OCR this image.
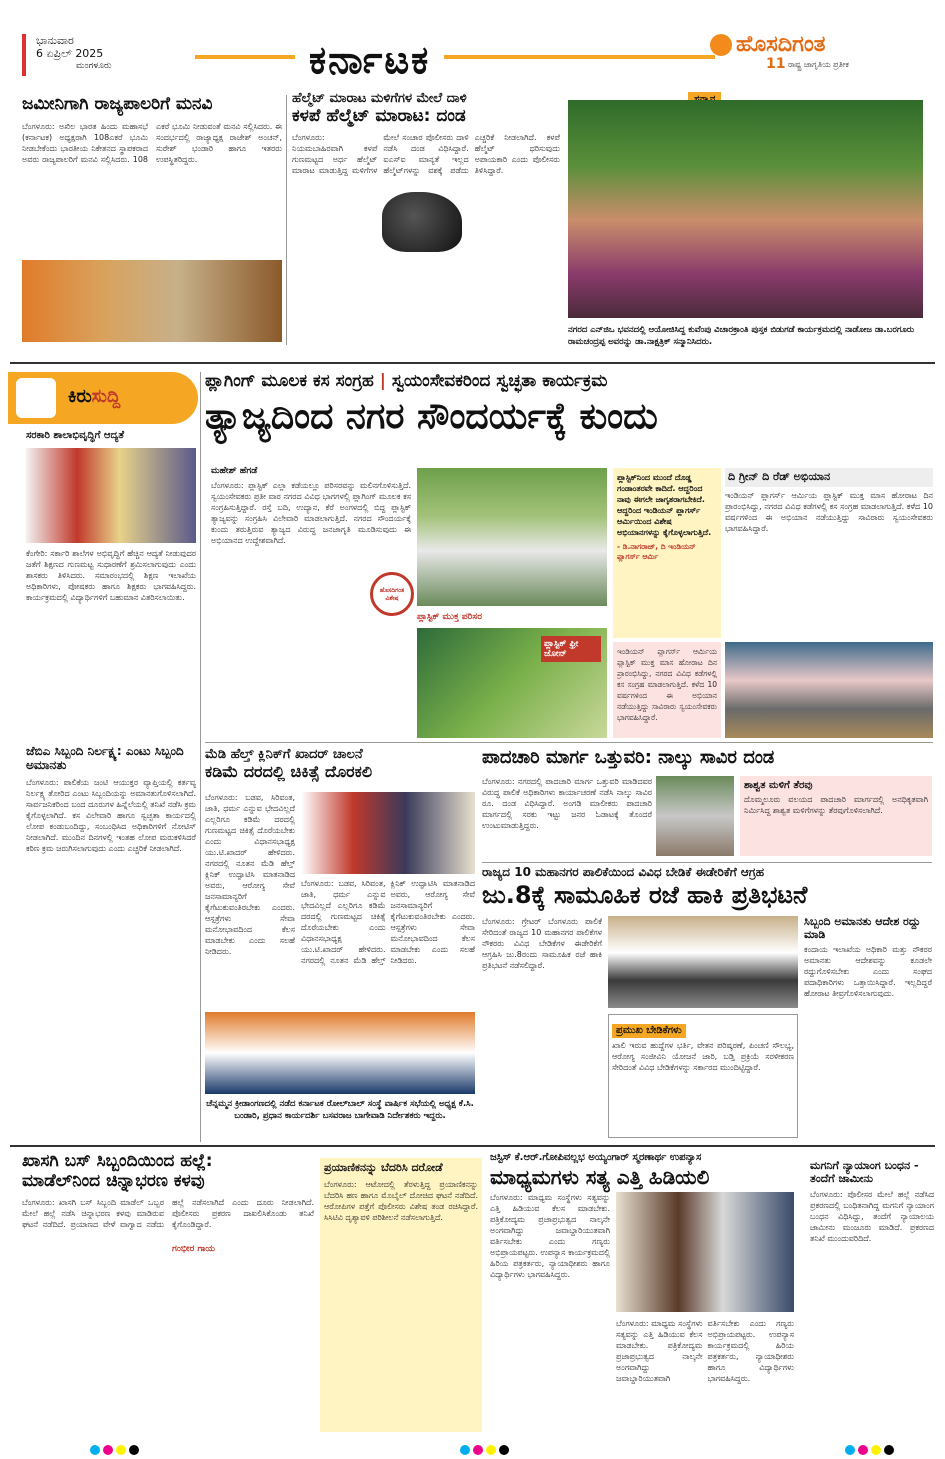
ಭಾನುವಾರ
6 ಏಪ್ರಿಲ್ 2025
ಮಂಗಳೂರು	ಕರ್ನಾಟಕ	ಹೊಸದಿಗಂತ
ರಾಷ್ಟ್ರ ಜಾಗೃತಿಯ ಪ್ರತೀಕ
11
ಜಮೀನಿಗಾಗಿ ರಾಜ್ಯಪಾಲರಿಗೆ ಮನವಿ
ಬೆಂಗಳೂರು: ಅಖಿಲ ಭಾರತ ಹಿಂದು ಮಹಾಸಭೆ (ಕರ್ನಾಟಕ) ಅಧ್ಯಕ್ಷರಾಗಿ 108ಎಕರೆ ಭೂಮಿ ನೀಡಬೇಕೆಂದು ಭಾರತೀಯ ನಿಕೇತನದ ಸ್ಥಾಪಕರಾದ ಅವರು ರಾಜ್ಯಪಾಲರಿಗೆ ಮನವಿ ಸಲ್ಲಿಸಿದರು. 108 ಎಕರೆ ಭೂಮಿ ನೀಡುವಂತೆ ಮನವಿ ಸಲ್ಲಿಸಿದರು. ಈ ಸಂದರ್ಭದಲ್ಲಿ ರಾಜ್ಯಾಧ್ಯಕ್ಷ ರಾಜೇಶ್ ಅಂಚನ್, ಸುರೇಶ್ ಭಂಡಾರಿ ಹಾಗೂ ಇತರರು ಉಪಸ್ಥಿತರಿದ್ದರು.
ಹೆಲ್ಮೆಟ್ ಮಾರಾಟ ಮಳಿಗೆಗಳ ಮೇಲೆ ದಾಳಿ
ಕಳಪೆ ಹೆಲ್ಮೆಟ್ ಮಾರಾಟ: ದಂಡ
ಬೆಂಗಳೂರು: ನಿಯಮಬಾಹಿರವಾಗಿ ಕಳಪೆ ಗುಣಮಟ್ಟದ ಅರ್ಧ ಹೆಲ್ಮೆಟ್ ಮಾರಾಟ ಮಾಡುತ್ತಿದ್ದ ಮಳಿಗೆಗಳ ಮೇಲೆ ಸಂಚಾರ ಪೊಲೀಸರು ದಾಳಿ ನಡೆಸಿ ದಂಡ ವಿಧಿಸಿದ್ದಾರೆ. ಐಎಸ್ಐ ಮಾನ್ಯತೆ ಇಲ್ಲದ ಹೆಲ್ಮೆಟ್‌ಗಳನ್ನು ವಶಕ್ಕೆ ಪಡೆದು ಎಚ್ಚರಿಕೆ ನೀಡಲಾಗಿದೆ. ಕಳಪೆ ಹೆಲ್ಮೆಟ್ ಧರಿಸುವುದು ಅಪಾಯಕಾರಿ ಎಂದು ಪೊಲೀಸರು ತಿಳಿಸಿದ್ದಾರೆ.
ನಗರದ ಎನ್‌ಜಿಒ ಭವನದಲ್ಲಿ ಆಯೋಜಿಸಿದ್ದ ಕುವೆಂಪು ವಿಚಾರಕ್ರಾಂತಿ ಪುಸ್ತಕ ಬಿಡುಗಡೆ ಕಾರ್ಯಕ್ರಮದಲ್ಲಿ ನಾಡೋಜ ಡಾ.ಬರಗೂರು ರಾಮಚಂದ್ರಪ್ಪ ಅವರನ್ನು ಡಾ.ನಾಕ್ಷತ್ರಿಕ್ ಸನ್ಮಾನಿಸಿದರು.
ಕಿರುಸುದ್ದಿ
ಸರಕಾರಿ ಶಾಲಾಭಿವೃದ್ಧಿಗೆ ಆದ್ಯತೆ
ಕೆಂಗೇರಿ: ಸರ್ಕಾರಿ ಶಾಲೆಗಳ ಅಭಿವೃದ್ಧಿಗೆ ಹೆಚ್ಚಿನ ಆದ್ಯತೆ ನೀಡುವುದರ ಜತೆಗೆ ಶಿಕ್ಷಣದ ಗುಣಮಟ್ಟ ಸುಧಾರಣೆಗೆ ಶ್ರಮಿಸಲಾಗುವುದು ಎಂದು ಶಾಸಕರು ತಿಳಿಸಿದರು. ಸಮಾರಂಭದಲ್ಲಿ ಶಿಕ್ಷಣ ಇಲಾಖೆಯ ಅಧಿಕಾರಿಗಳು, ಪೋಷಕರು ಹಾಗೂ ಶಿಕ್ಷಕರು ಭಾಗವಹಿಸಿದ್ದರು. ಕಾರ್ಯಕ್ರಮದಲ್ಲಿ ವಿದ್ಯಾರ್ಥಿಗಳಿಗೆ ಬಹುಮಾನ ವಿತರಿಸಲಾಯಿತು.
ಜೆಬಿಎ ಸಿಬ್ಬಂದಿ ನಿರ್ಲಕ್ಷ್ಯ: ಎಂಟು ಸಿಬ್ಬಂದಿ ಅಮಾನತು
ಬೆಂಗಳೂರು: ಪಾಲಿಕೆಯ ಜಂಟಿ ಆಯುಕ್ತರ ವ್ಯಾಪ್ತಿಯಲ್ಲಿ ಕರ್ತವ್ಯ ನಿರ್ಲಕ್ಷ್ಯ ತೋರಿದ ಎಂಟು ಸಿಬ್ಬಂದಿಯನ್ನು ಅಮಾನತುಗೊಳಿಸಲಾಗಿದೆ. ಸಾರ್ವಜನಿಕರಿಂದ ಬಂದ ದೂರುಗಳ ಹಿನ್ನೆಲೆಯಲ್ಲಿ ತನಿಖೆ ನಡೆಸಿ ಕ್ರಮ ಕೈಗೊಳ್ಳಲಾಗಿದೆ. ಕಸ ವಿಲೇವಾರಿ ಹಾಗೂ ಸ್ವಚ್ಛತಾ ಕಾರ್ಯದಲ್ಲಿ ಲೋಪ ಕಂಡುಬಂದಿದ್ದು, ಸಂಬಂಧಿಸಿದ ಅಧಿಕಾರಿಗಳಿಗೆ ನೋಟಿಸ್ ನೀಡಲಾಗಿದೆ. ಮುಂದಿನ ದಿನಗಳಲ್ಲಿ ಇಂತಹ ಲೋಪ ಮರುಕಳಿಸಿದರೆ ಕಠಿಣ ಕ್ರಮ ಜರುಗಿಸಲಾಗುವುದು ಎಂದು ಎಚ್ಚರಿಕೆ ನೀಡಲಾಗಿದೆ.
ಪ್ಲಾಗಿಂಗ್ ಮೂಲಕ ಕಸ ಸಂಗ್ರಹ | ಸ್ವಯಂಸೇವಕರಿಂದ ಸ್ವಚ್ಛತಾ ಕಾರ್ಯಕ್ರಮ
ತ್ಯಾಜ್ಯದಿಂದ ನಗರ ಸೌಂದರ್ಯಕ್ಕೆ ಕುಂದು
ಮಹೇಶ್ ಹೆಗಡೆ
ಬೆಂಗಳೂರು: ಪ್ಲಾಸ್ಟಿಕ್ ಎಲ್ಲಾ ಕಡೆಯಲ್ಲೂ ಪರಿಸರವನ್ನು ಮಲಿನಗೊಳಿಸುತ್ತಿದೆ. ಸ್ವಯಂಸೇವಕರು ಪ್ರತೀ ವಾರ ನಗರದ ವಿವಿಧ ಭಾಗಗಳಲ್ಲಿ ಪ್ಲಾಗಿಂಗ್ ಮೂಲಕ ಕಸ ಸಂಗ್ರಹಿಸುತ್ತಿದ್ದಾರೆ. ರಸ್ತೆ ಬದಿ, ಉದ್ಯಾನ, ಕೆರೆ ಅಂಗಳದಲ್ಲಿ ಬಿದ್ದ ಪ್ಲಾಸ್ಟಿಕ್ ತ್ಯಾಜ್ಯವನ್ನು ಸಂಗ್ರಹಿಸಿ ವಿಲೇವಾರಿ ಮಾಡಲಾಗುತ್ತಿದೆ. ನಗರದ ಸೌಂದರ್ಯಕ್ಕೆ ಕುಂದು ತರುತ್ತಿರುವ ತ್ಯಾಜ್ಯದ ವಿರುದ್ಧ ಜನಜಾಗೃತಿ ಮೂಡಿಸುವುದು ಈ ಅಭಿಯಾನದ ಉದ್ದೇಶವಾಗಿದೆ.
ಪ್ಲಾಸ್ಟಿಕ್ ಮುಕ್ತ ಪರಿಸರ
ಪ್ಲಾಸ್ಟಿಕ್ ಫ್ರೀ ಜೋನ್
ಹೊಸದಿಗಂತ ವಿಶೇಷ
ಪ್ಲಾಸ್ಟಿಕ್‌ನಿಂದ ಮುಂದೆ ದೊಡ್ಡ ಗಂಡಾಂತರವೇ ಕಾದಿದೆ. ಆದ್ದರಿಂದ ನಾವು ಈಗಲೇ ಜಾಗೃತರಾಗಬೇಕಿದೆ. ಆದ್ದರಿಂದ ಇಂಡಿಯನ್ ಪ್ಲಾಗರ್ಸ್ ಆರ್ಮಿಯಿಂದ ವಿಶೇಷ ಅಭಿಯಾನಗಳನ್ನು ಕೈಗೊಳ್ಳಲಾಗುತ್ತಿದೆ.
- ಡಿ.ನಾಗರಾಜ್, ದಿ ಇಂಡಿಯನ್ ಪ್ಲಾಗರ್ಸ್ ಆರ್ಮಿ
ಇಂಡಿಯನ್ ಪ್ಲಾಗರ್ಸ್ ಆರ್ಮಿಯ ಪ್ಲಾಸ್ಟಿಕ್ ಮುಕ್ತ ಮಾಸ ಹೋರಾಟ ದಿನ ಪ್ರಾರಂಭಿಸಿದ್ದು, ನಗರದ ವಿವಿಧ ಕಡೆಗಳಲ್ಲಿ ಕಸ ಸಂಗ್ರಹ ಮಾಡಲಾಗುತ್ತಿದೆ. ಕಳೆದ 10 ವರ್ಷಗಳಿಂದ ಈ ಅಭಿಯಾನ ನಡೆಯುತ್ತಿದ್ದು ಸಾವಿರಾರು ಸ್ವಯಂಸೇವಕರು ಭಾಗವಹಿಸಿದ್ದಾರೆ.
ದಿ ಗ್ರೀನ್ ದಿ ರೆಡ್ ಅಭಿಯಾನ
ಇಂಡಿಯನ್ ಪ್ಲಾಗರ್ಸ್ ಆರ್ಮಿಯ ಪ್ಲಾಸ್ಟಿಕ್ ಮುಕ್ತ ಮಾಸ ಹೋರಾಟ ದಿನ ಪ್ರಾರಂಭಿಸಿದ್ದು, ನಗರದ ವಿವಿಧ ಕಡೆಗಳಲ್ಲಿ ಕಸ ಸಂಗ್ರಹ ಮಾಡಲಾಗುತ್ತಿದೆ. ಕಳೆದ 10 ವರ್ಷಗಳಿಂದ ಈ ಅಭಿಯಾನ ನಡೆಯುತ್ತಿದ್ದು ಸಾವಿರಾರು ಸ್ವಯಂಸೇವಕರು ಭಾಗವಹಿಸಿದ್ದಾರೆ.
ಮೆಡಿ ಹೆಲ್ತ್ ಕ್ಲಿನಿಕ್‌ಗೆ ಖಾದರ್ ಚಾಲನೆ
ಕಡಿಮೆ ದರದಲ್ಲಿ ಚಿಕಿತ್ಸೆ ದೊರಕಲಿ
ಬೆಂಗಳೂರು: ಬಡವ, ಸಿರಿವಂತ, ಜಾತಿ, ಧರ್ಮ ಎನ್ನುವ ಭೇದವಿಲ್ಲದೆ ಎಲ್ಲರಿಗೂ ಕಡಿಮೆ ದರದಲ್ಲಿ ಗುಣಮಟ್ಟದ ಚಿಕಿತ್ಸೆ ದೊರೆಯಬೇಕು ಎಂದು ವಿಧಾನಸಭಾಧ್ಯಕ್ಷ ಯು.ಟಿ.ಖಾದರ್ ಹೇಳಿದರು. ನಗರದಲ್ಲಿ ನೂತನ ಮೆಡಿ ಹೆಲ್ತ್ ಕ್ಲಿನಿಕ್ ಉದ್ಘಾಟಿಸಿ ಮಾತನಾಡಿದ ಅವರು, ಆರೋಗ್ಯ ಸೇವೆ ಜನಸಾಮಾನ್ಯರಿಗೆ ಕೈಗೆಟುಕುವಂತಿರಬೇಕು ಎಂದರು. ಆಸ್ಪತ್ರೆಗಳು ಸೇವಾ ಮನೋಭಾವದಿಂದ ಕೆಲಸ ಮಾಡಬೇಕು ಎಂದು ಸಲಹೆ ನೀಡಿದರು.
ಬೆಂಗಳೂರು: ಬಡವ, ಸಿರಿವಂತ, ಜಾತಿ, ಧರ್ಮ ಎನ್ನುವ ಭೇದವಿಲ್ಲದೆ ಎಲ್ಲರಿಗೂ ಕಡಿಮೆ ದರದಲ್ಲಿ ಗುಣಮಟ್ಟದ ಚಿಕಿತ್ಸೆ ದೊರೆಯಬೇಕು ಎಂದು ವಿಧಾನಸಭಾಧ್ಯಕ್ಷ ಯು.ಟಿ.ಖಾದರ್ ಹೇಳಿದರು. ನಗರದಲ್ಲಿ ನೂತನ ಮೆಡಿ ಹೆಲ್ತ್ ಕ್ಲಿನಿಕ್ ಉದ್ಘಾಟಿಸಿ ಮಾತನಾಡಿದ ಅವರು, ಆರೋಗ್ಯ ಸೇವೆ ಜನಸಾಮಾನ್ಯರಿಗೆ ಕೈಗೆಟುಕುವಂತಿರಬೇಕು ಎಂದರು. ಆಸ್ಪತ್ರೆಗಳು ಸೇವಾ ಮನೋಭಾವದಿಂದ ಕೆಲಸ ಮಾಡಬೇಕು ಎಂದು ಸಲಹೆ ನೀಡಿದರು.
ಚೆನ್ನಮ್ಮನ ಕ್ರೀಡಾಂಗಣದಲ್ಲಿ ನಡೆದ ಕರ್ನಾಟಕ ರೋಲ್‌ಬಾಲ್ ಸಂಸ್ಥೆ ವಾರ್ಷಿಕ ಸಭೆಯಲ್ಲಿ ಅಧ್ಯಕ್ಷ ಕೆ.ಸಿ. ಬಂಡಾರಿ, ಪ್ರಧಾನ ಕಾರ್ಯದರ್ಶಿ ಬಸವರಾಜ ಬಾಗೇವಾಡಿ ನಿರ್ದೇಶಕರು ಇದ್ದರು.
ಪಾದಚಾರಿ ಮಾರ್ಗ ಒತ್ತುವರಿ: ನಾಲ್ಕು ಸಾವಿರ ದಂಡ
ಬೆಂಗಳೂರು: ನಗರದಲ್ಲಿ ಪಾದಚಾರಿ ಮಾರ್ಗ ಒತ್ತುವರಿ ಮಾಡಿದವರ ವಿರುದ್ಧ ಪಾಲಿಕೆ ಅಧಿಕಾರಿಗಳು ಕಾರ್ಯಾಚರಣೆ ನಡೆಸಿ ನಾಲ್ಕು ಸಾವಿರ ರೂ. ದಂಡ ವಿಧಿಸಿದ್ದಾರೆ. ಅಂಗಡಿ ಮಾಲೀಕರು ಪಾದಚಾರಿ ಮಾರ್ಗದಲ್ಲಿ ಸರಕು ಇಟ್ಟು ಜನರ ಓಡಾಟಕ್ಕೆ ತೊಂದರೆ ಉಂಟುಮಾಡುತ್ತಿದ್ದರು.
ಶಾಶ್ವತ ಮಳಿಗೆ ತೆರವು
ದೊಮ್ಮಲೂರು ವಲಯದ ಪಾದಚಾರಿ ಮಾರ್ಗದಲ್ಲಿ ಅನಧಿಕೃತವಾಗಿ ನಿರ್ಮಿಸಿದ್ದ ಶಾಶ್ವತ ಮಳಿಗೆಗಳನ್ನು ತೆರವುಗೊಳಿಸಲಾಗಿದೆ.
ರಾಜ್ಯದ 10 ಮಹಾನಗರ ಪಾಲಿಕೆಯಿಂದ ವಿವಿಧ ಬೇಡಿಕೆ ಈಡೇರಿಕೆಗೆ ಆಗ್ರಹ
ಜು.8ಕ್ಕೆ ಸಾಮೂಹಿಕ ರಜೆ ಹಾಕಿ ಪ್ರತಿಭಟನೆ
ಬೆಂಗಳೂರು: ಗ್ರೇಟರ್ ಬೆಂಗಳೂರು ಪಾಲಿಕೆ ಸೇರಿದಂತೆ ರಾಜ್ಯದ 10 ಮಹಾನಗರ ಪಾಲಿಕೆಗಳ ನೌಕರರು ವಿವಿಧ ಬೇಡಿಕೆಗಳ ಈಡೇರಿಕೆಗೆ ಆಗ್ರಹಿಸಿ ಜು.8ರಂದು ಸಾಮೂಹಿಕ ರಜೆ ಹಾಕಿ ಪ್ರತಿಭಟನೆ ನಡೆಸಲಿದ್ದಾರೆ.
ಪ್ರಮುಖ ಬೇಡಿಕೆಗಳು
ಖಾಲಿ ಇರುವ ಹುದ್ದೆಗಳ ಭರ್ತಿ, ವೇತನ ಪರಿಷ್ಕರಣೆ, ಪಿಂಚಣಿ ಸೌಲಭ್ಯ, ಆರೋಗ್ಯ ಸಂಜೀವಿನಿ ಯೋಜನೆ ಜಾರಿ, ಬಡ್ತಿ ಪ್ರಕ್ರಿಯೆ ಸರಳೀಕರಣ ಸೇರಿದಂತೆ ವಿವಿಧ ಬೇಡಿಕೆಗಳನ್ನು ಸರ್ಕಾರದ ಮುಂದಿಟ್ಟಿದ್ದಾರೆ.
ಸಿಬ್ಬಂದಿ ಅಮಾನತು ಆದೇಶ ರದ್ದು ಮಾಡಿ
ಕಂದಾಯ ಇಲಾಖೆಯ ಅಧಿಕಾರಿ ಮತ್ತು ನೌಕರರ ಅಮಾನತು ಆದೇಶವನ್ನು ಕೂಡಲೇ ರದ್ದುಗೊಳಿಸಬೇಕು ಎಂದು ಸಂಘದ ಪದಾಧಿಕಾರಿಗಳು ಒತ್ತಾಯಿಸಿದ್ದಾರೆ. ಇಲ್ಲದಿದ್ದರೆ ಹೋರಾಟ ತೀವ್ರಗೊಳಿಸಲಾಗುವುದು.
ಖಾಸಗಿ ಬಸ್ ಸಿಬ್ಬಂದಿಯಿಂದ ಹಲ್ಲೆ:
ಮಾಡೆಲ್‌ನಿಂದ ಚಿನ್ನಾಭರಣ ಕಳವು
ಬೆಂಗಳೂರು: ಖಾಸಗಿ ಬಸ್ ಸಿಬ್ಬಂದಿ ಮಾಡೆಲ್ ಒಬ್ಬರ ಮೇಲೆ ಹಲ್ಲೆ ನಡೆಸಿ ಚಿನ್ನಾಭರಣ ಕಳವು ಮಾಡಿರುವ ಘಟನೆ ನಡೆದಿದೆ. ಪ್ರಯಾಣದ ವೇಳೆ ವಾಗ್ವಾದ ನಡೆದು ಹಲ್ಲೆ ನಡೆಸಲಾಗಿದೆ ಎಂದು ದೂರು ನೀಡಲಾಗಿದೆ. ಪೊಲೀಸರು ಪ್ರಕರಣ ದಾಖಲಿಸಿಕೊಂಡು ತನಿಖೆ ಕೈಗೊಂಡಿದ್ದಾರೆ.
ಗಂಭೀರ ಗಾಯ
ಪ್ರಯಾಣಿಕನನ್ನು ಬೆದರಿಸಿ ದರೋಡೆ
ಬೆಂಗಳೂರು: ಆಟೋದಲ್ಲಿ ತೆರಳುತ್ತಿದ್ದ ಪ್ರಯಾಣಿಕನನ್ನು ಬೆದರಿಸಿ ಹಣ ಹಾಗೂ ಮೊಬೈಲ್ ದೋಚಿದ ಘಟನೆ ನಡೆದಿದೆ. ಆರೋಪಿಗಳ ಪತ್ತೆಗೆ ಪೊಲೀಸರು ವಿಶೇಷ ತಂಡ ರಚಿಸಿದ್ದಾರೆ. ಸಿಸಿಟಿವಿ ದೃಶ್ಯಾವಳಿ ಪರಿಶೀಲನೆ ನಡೆಸಲಾಗುತ್ತಿದೆ.
ಜಸ್ಟಿಸ್ ಕೆ.ಆರ್.ಗೋಪಿವಲ್ಲಭ ಅಯ್ಯಂಗಾರ್ ಸ್ಮರಣಾರ್ಥ ಉಪನ್ಯಾಸ
ಮಾಧ್ಯಮಗಳು ಸತ್ಯ ಎತ್ತಿ ಹಿಡಿಯಲಿ
ಬೆಂಗಳೂರು: ಮಾಧ್ಯಮ ಸಂಸ್ಥೆಗಳು ಸತ್ಯವನ್ನು ಎತ್ತಿ ಹಿಡಿಯುವ ಕೆಲಸ ಮಾಡಬೇಕು. ಪತ್ರಿಕೋದ್ಯಮ ಪ್ರಜಾಪ್ರಭುತ್ವದ ನಾಲ್ಕನೇ ಅಂಗವಾಗಿದ್ದು ಜವಾಬ್ದಾರಿಯುತವಾಗಿ ವರ್ತಿಸಬೇಕು ಎಂದು ಗಣ್ಯರು ಅಭಿಪ್ರಾಯಪಟ್ಟರು. ಉಪನ್ಯಾಸ ಕಾರ್ಯಕ್ರಮದಲ್ಲಿ ಹಿರಿಯ ಪತ್ರಕರ್ತರು, ನ್ಯಾಯಾಧೀಶರು ಹಾಗೂ ವಿದ್ಯಾರ್ಥಿಗಳು ಭಾಗವಹಿಸಿದ್ದರು.
ಬೆಂಗಳೂರು: ಮಾಧ್ಯಮ ಸಂಸ್ಥೆಗಳು ಸತ್ಯವನ್ನು ಎತ್ತಿ ಹಿಡಿಯುವ ಕೆಲಸ ಮಾಡಬೇಕು. ಪತ್ರಿಕೋದ್ಯಮ ಪ್ರಜಾಪ್ರಭುತ್ವದ ನಾಲ್ಕನೇ ಅಂಗವಾಗಿದ್ದು ಜವಾಬ್ದಾರಿಯುತವಾಗಿ ವರ್ತಿಸಬೇಕು ಎಂದು ಗಣ್ಯರು ಅಭಿಪ್ರಾಯಪಟ್ಟರು. ಉಪನ್ಯಾಸ ಕಾರ್ಯಕ್ರಮದಲ್ಲಿ ಹಿರಿಯ ಪತ್ರಕರ್ತರು, ನ್ಯಾಯಾಧೀಶರು ಹಾಗೂ ವಿದ್ಯಾರ್ಥಿಗಳು ಭಾಗವಹಿಸಿದ್ದರು.
ಮಗನಿಗೆ ನ್ಯಾಯಾಂಗ ಬಂಧನ - ತಂದೆಗೆ ಜಾಮೀನು
ಬೆಂಗಳೂರು: ಪೊಲೀಸರ ಮೇಲೆ ಹಲ್ಲೆ ನಡೆಸಿದ ಪ್ರಕರಣದಲ್ಲಿ ಬಂಧಿತನಾಗಿದ್ದ ಮಗನಿಗೆ ನ್ಯಾಯಾಂಗ ಬಂಧನ ವಿಧಿಸಿದ್ದು, ತಂದೆಗೆ ನ್ಯಾಯಾಲಯ ಜಾಮೀನು ಮಂಜೂರು ಮಾಡಿದೆ. ಪ್ರಕರಣದ ತನಿಖೆ ಮುಂದುವರಿದಿದೆ.
